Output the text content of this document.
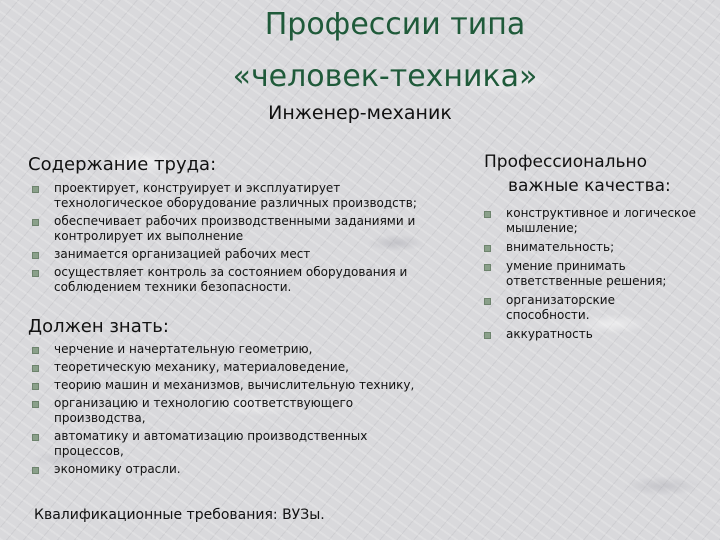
Профессии типа
«человек-техника»
Инженер-механик
Содержание труда:
проектирует, конструирует и эксплуатирует технологическое оборудование различных производств;
обеспечивает рабочих производственными заданиями и контролирует их выполнение
занимается организацией рабочих мест
осуществляет контроль за состоянием оборудования и соблюдением техники безопасности.
Должен знать:
черчение и начертательную геометрию,
теоретическую механику, материаловедение,
теорию машин и механизмов, вычислительную технику,
организацию и технологию соответствующего производства,
автоматику и автоматизацию производственных процессов,
экономику отрасли.
Профессионально
важные качества:
конструктивное и логическое мышление;
внимательность;
умение принимать ответственные решения;
организаторские способности.
аккуратность
Квалификационные требования: ВУЗы.
